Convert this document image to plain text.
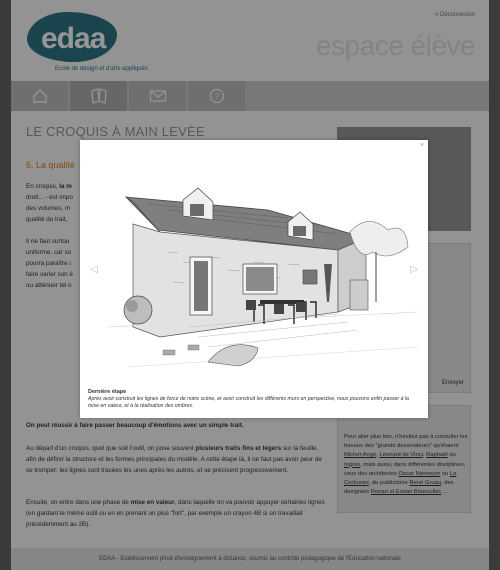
edaa
Ecole de design et d'arts appliqués
« Déconnexion
espace élève
?
LE CROQUIS À MAIN LEVÉE
6. La qualité
En croquis, la m
droit... - est impo
des volumes, m
qualité du trait,
Il ne faut surtou
uniforme, car so
pourra paraître i
faire varier son é
ou atténuer tel o
On peut réussir à faire passer beaucoup d'émotions avec un simple trait.
Au départ d'un croquis, quel que soit l'outil, on pose souvent plusieurs traits fins et légers sur la feuille, afin de définir la structure et les formes principales du modèle. A cette étape là, il ne faut pas avoir peur de se tromper: les lignes sont tracées les unes après les autres, et se précisent progressivement.
Ensuite, on entre dans une phase de mise en valeur, dans laquelle on va pouvoir appuyer certaines lignes (en gardant le même outil ou en en prenant un plus "fort", par exemple un crayon 4B si on travaillait précédemment au 2B).
Envoyer
Pour aller plus loin, n'hésitez pas à consulter les travaux des "grands dessinateurs" qu'étaient Michel-Ange, Léonard de Vinci, Raphaël ou Ingres, mais aussi, dans différentes disciplines, ceux des architectes Oscar Niemeyer ou Le Corbusier, du publicitaire René Gruau, des designers Ronan et Erwan Bouroullec ...
EDAA - Etablissement privé d'enseignement à distance, soumis au contrôle pédagogique de l'Education nationale
×
◁	▷
Dernière étape
Après avoir construit les lignes de force de notre scène, et avoir construit les différents murs en perspective, nous pouvons enfin passer à la mise en valeur, et à la réalisation des ombres.
